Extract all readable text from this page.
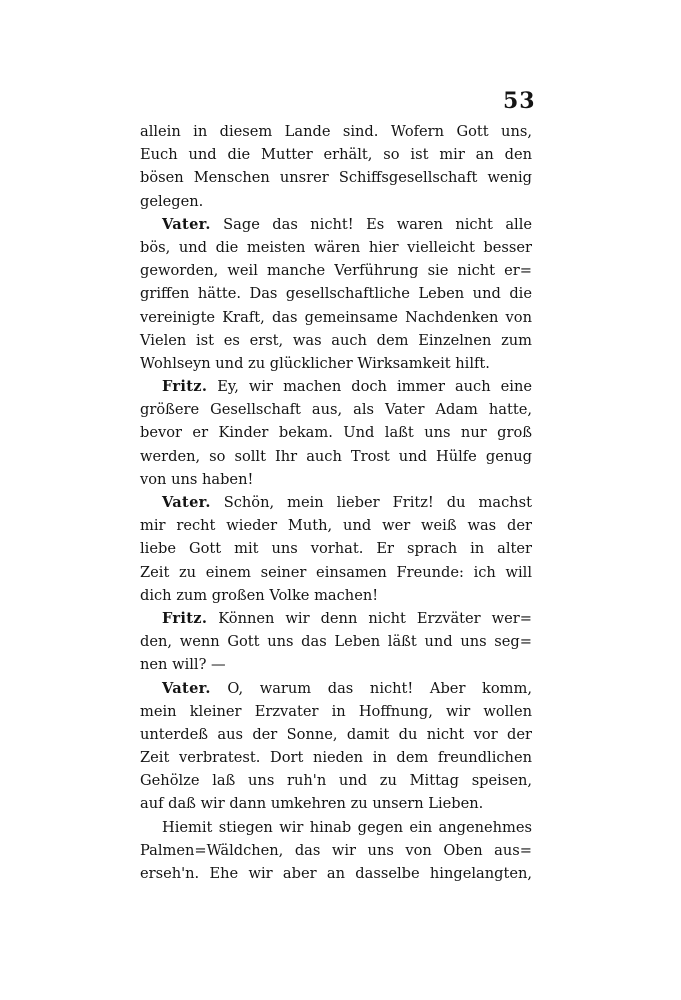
53
allein in diesem Lande sind. Wofern Gott uns,
Euch und die Mutter erhält, so ist mir an den
bösen Menschen unsrer Schiffsgesellschaft wenig
gelegen.
Vater. Sage das nicht! Es waren nicht alle
bös, und die meisten wären hier vielleicht besser
geworden, weil manche Verführung sie nicht er=
griffen hätte. Das gesellschaftliche Leben und die
vereinigte Kraft, das gemeinsame Nachdenken von
Vielen ist es erst, was auch dem Einzelnen zum
Wohlseyn und zu glücklicher Wirksamkeit hilft.
Fritz. Ey, wir machen doch immer auch eine
größere Gesellschaft aus, als Vater Adam hatte,
bevor er Kinder bekam. Und laßt uns nur groß
werden, so sollt Ihr auch Trost und Hülfe genug
von uns haben!
Vater. Schön, mein lieber Fritz! du machst
mir recht wieder Muth, und wer weiß was der
liebe Gott mit uns vorhat. Er sprach in alter
Zeit zu einem seiner einsamen Freunde: ich will
dich zum großen Volke machen!
Fritz. Können wir denn nicht Erzväter wer=
den, wenn Gott uns das Leben läßt und uns seg=
nen will? —
Vater. O, warum das nicht! Aber komm,
mein kleiner Erzvater in Hoffnung, wir wollen
unterdeß aus der Sonne, damit du nicht vor der
Zeit verbratest. Dort nieden in dem freundlichen
Gehölze laß uns ruh'n und zu Mittag speisen,
auf daß wir dann umkehren zu unsern Lieben.
Hiemit stiegen wir hinab gegen ein angenehmes
Palmen=Wäldchen, das wir uns von Oben aus=
erseh'n. Ehe wir aber an dasselbe hingelangten,
